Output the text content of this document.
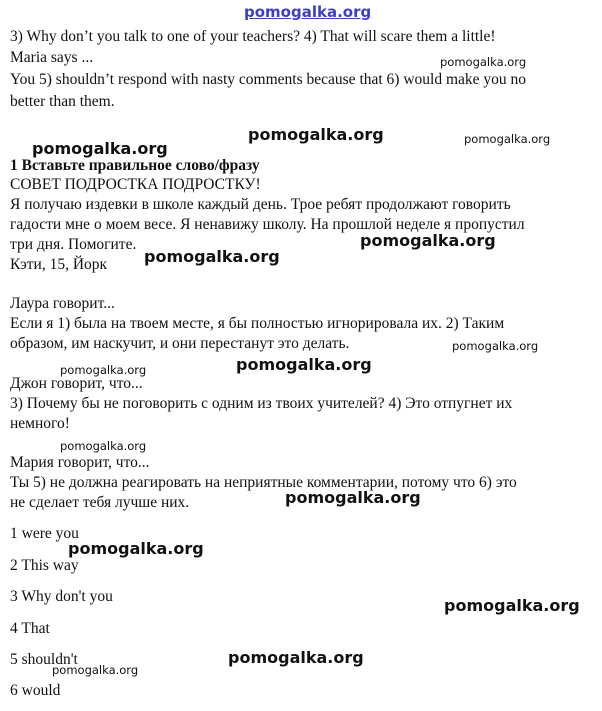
pomogalka.org
pomogalka.org
pomogalka.org	pomogalka.org
pomogalka.org
pomogalka.org
pomogalka.org
pomogalka.org
pomogalka.org
pomogalka.org
pomogalka.org
pomogalka.org
pomogalka.org
pomogalka.org
pomogalka.org
pomogalka.org
3) Why don’t you talk to one of your teachers? 4) That will scare them a little!
Maria says ...
You 5) shouldn’t respond with nasty comments because that 6) would make you no
better than them.
1 Вставьте правильное слово/фразу
СОВЕТ ПОДРОСТКА ПОДРОСТКУ!
Я получаю издевки в школе каждый день. Трое ребят продолжают говорить
гадости мне о моем весе. Я ненавижу школу. На прошлой неделе я пропустил
три дня. Помогите.
Кэти, 15, Йорк
Лаура говорит...
Если я 1) была на твоем месте, я бы полностью игнорировала их. 2) Таким
образом, им наскучит, и они перестанут это делать.
Джон говорит, что...
3) Почему бы не поговорить с одним из твоих учителей? 4) Это отпугнет их
немного!
Мария говорит, что...
Ты 5) не должна реагировать на неприятные комментарии, потому что 6) это
не сделает тебя лучше них.
1 were you
2 This way
3 Why don't you
4 That
5 shouldn't
6 would
